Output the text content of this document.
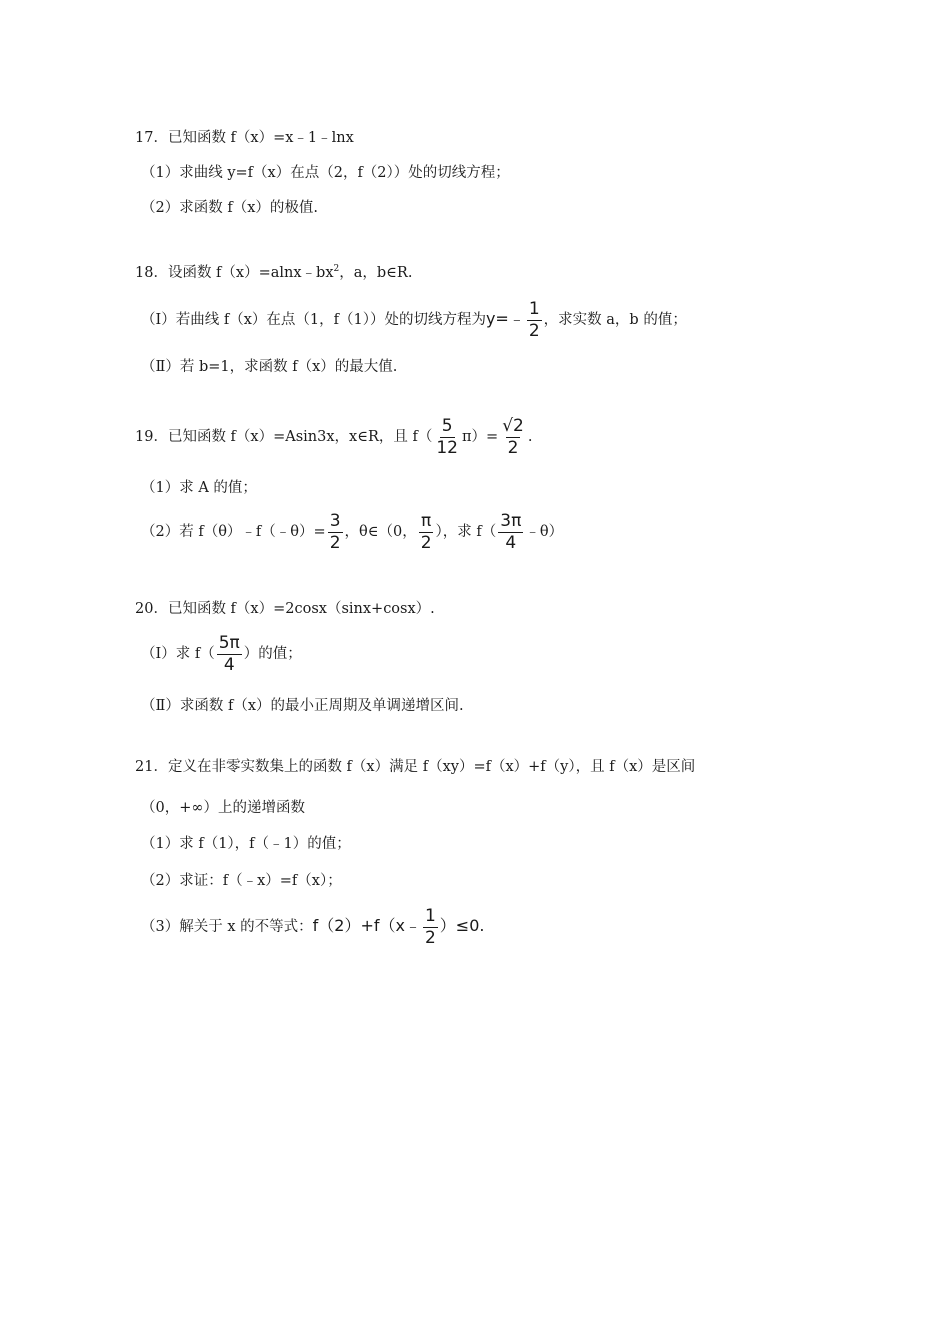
17．已知函数 f（x）=x﹣1﹣lnx
（1）求曲线 y=f（x）在点（2，f（2））处的切线方程；
（2）求函数 f（x）的极值.
18．设函数 $f(x)=alnx﹣bx^2$，a，b∈R.
（Ⅰ）若曲线 f（x）在点（1，f（1））处的切线方程为y=﹣ $\frac{1}{2}$ ，求实数 a，b 的值；
（Ⅱ）若 b=1，求函数 f（x）的最大值.
19．已知函数 f（x）=Asin3x，x∈R，且 $f( \frac{5}{12} \pi)= \frac{√2}{2}$ .
（1）求 A 的值；
（2）若 f（θ）﹣f（﹣θ）= $\frac{3}{2}$ ，θ∈（0， $\frac{\pi}{2}$ ），求 $f( \frac{3\pi}{4}$ ﹣θ）
20．已知函数 f（x）=2cosx（sinx+cosx）.
（Ⅰ）求 $f( \frac{5\pi}{4}$ ）的值；
（Ⅱ）求函数 f（x）的最小正周期及单调递增区间.
21．定义在非零实数集上的函数 f（x）满足 f（xy）=f（x）+f（y），且 f（x）是区间
（0，+∞）上的递增函数
（1）求 f（1），f（﹣1）的值；
（2）求证：f（﹣x）=f（x）；
（3）解关于 x 的不等式：f（2）+f（x﹣ $\frac{1}{2} )\le 0$.
